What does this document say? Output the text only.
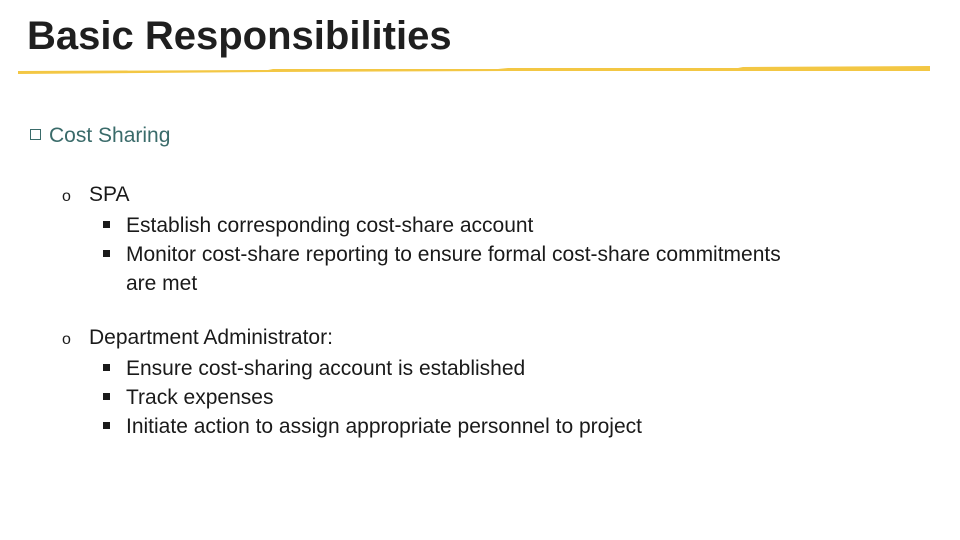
Basic Responsibilities
Cost Sharing
o SPA
Establish corresponding cost-share account
Monitor cost-share reporting to ensure formal cost-share commitments are met
o Department Administrator:
Ensure cost-sharing account is established
Track expenses
Initiate action to assign appropriate personnel to project
